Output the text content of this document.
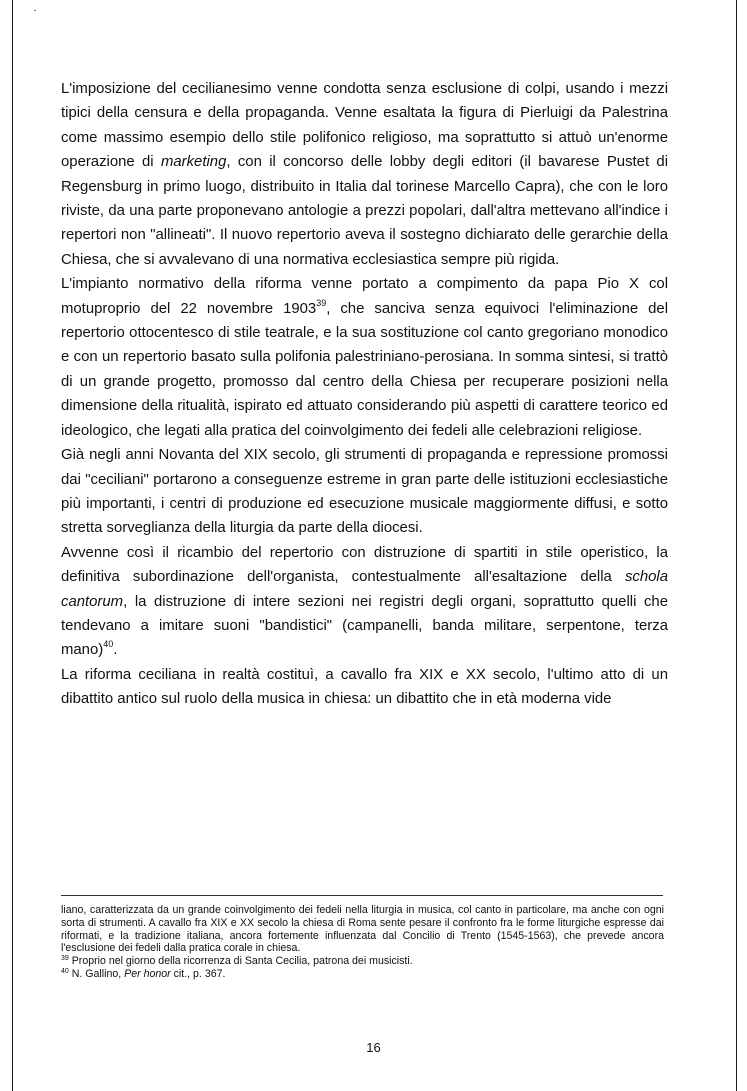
L'imposizione del cecilianesimo venne condotta senza esclusione di colpi, usando i mezzi tipici della censura e della propaganda. Venne esaltata la figura di Pierluigi da Palestrina come massimo esempio dello stile polifonico religioso, ma soprattutto si attuò un'enorme operazione di marketing, con il concorso delle lobby degli editori (il bavarese Pustet di Regensburg in primo luogo, distribuito in Italia dal torinese Marcello Capra), che con le loro riviste, da una parte proponevano antologie a prezzi popolari, dall'altra mettevano all'indice i repertori non "allineati". Il nuovo repertorio aveva il sostegno dichiarato delle gerarchie della Chiesa, che si avvalevano di una normativa ecclesiastica sempre più rigida.

L'impianto normativo della riforma venne portato a compimento da papa Pio X col motuproprio del 22 novembre 1903$^{39}$, che sanciva senza equivoci l'eliminazione del repertorio ottocentesco di stile teatrale, e la sua sostituzione col canto gregoriano monodico e con un repertorio basato sulla polifonia palestriniano-perosiana. In somma sintesi, si trattò di un grande progetto, promosso dal centro della Chiesa per recuperare posizioni nella dimensione della ritualità, ispirato ed attuato considerando più aspetti di carattere teorico ed ideologico, che legati alla pratica del coinvolgimento dei fedeli alle celebrazioni religiose.

Già negli anni Novanta del XIX secolo, gli strumenti di propaganda e repressione promossi dai "ceciliani" portarono a conseguenze estreme in gran parte delle istituzioni ecclesiastiche più importanti, i centri di produzione ed esecuzione musicale maggiormente diffusi, e sotto stretta sorveglianza della liturgia da parte della diocesi.

Avvenne così il ricambio del repertorio con distruzione di spartiti in stile operistico, la definitiva subordinazione dell'organista, contestualmente all'esaltazione della schola cantorum, la distruzione di intere sezioni nei registri degli organi, soprattutto quelli che tendevano a imitare suoni "bandistici" (campanelli, banda militare, serpentone, terza mano)$^{40}$.

La riforma ceciliana in realtà costituì, a cavallo fra XIX e XX secolo, l'ultimo atto di un dibattito antico sul ruolo della musica in chiesa: un dibattito che in età moderna vide

liano, caratterizzata da un grande coinvolgimento dei fedeli nella liturgia in musica, col canto in particolare, ma anche con ogni sorta di strumenti. A cavallo fra XIX e XX secolo la chiesa di Roma sente pesare il confronto fra le forme liturgiche espresse dai riformati, e la tradizione italiana, ancora fortemente influenzata dal Concilio di Trento (1545-1563), che prevede ancora l'esclusione dei fedeli dalla pratica corale in chiesa.

$^{39}$ Proprio nel giorno della ricorrenza di Santa Cecilia, patrona dei musicisti.

$^{40}$ N. Gallino, Per honor cit., p. 367.

16
